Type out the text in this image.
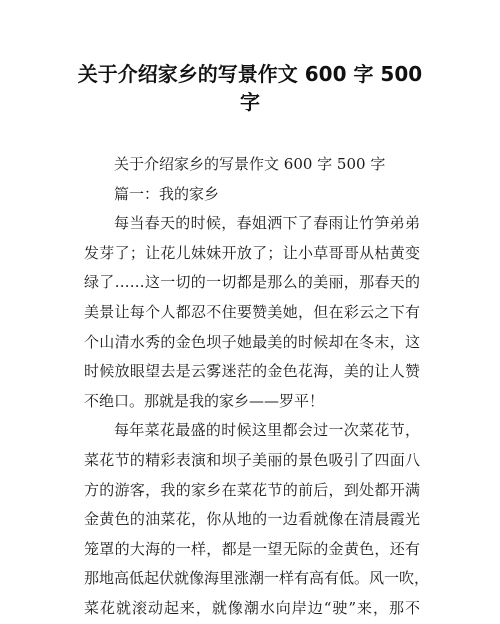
关于介绍家乡的写景作文 600 字 500
字
关于介绍家乡的写景作文 600 字 500 字
篇一：我的家乡
每当春天的时候，春姐洒下了春雨让竹笋弟弟
发芽了；让花儿妹妹开放了；让小草哥哥从枯黄变
绿了……这一切的一切都是那么的美丽，那春天的
美景让每个人都忍不住要赞美她，但在彩云之下有
个山清水秀的金色坝子她最美的时候却在冬末，这
时候放眼望去是云雾迷茫的金色花海，美的让人赞
不绝口。那就是我的家乡——罗平！
每年菜花最盛的时候这里都会过一次菜花节，
菜花节的精彩表演和坝子美丽的景色吸引了四面八
方的游客，我的家乡在菜花节的前后，到处都开满
金黄色的油菜花，你从地的一边看就像在清晨霞光
笼罩的大海的一样，都是一望无际的金黄色，还有
那地高低起伏就像海里涨潮一样有高有低。风一吹，
菜花就滚动起来，就像潮水向岸边“驶”来，那不
